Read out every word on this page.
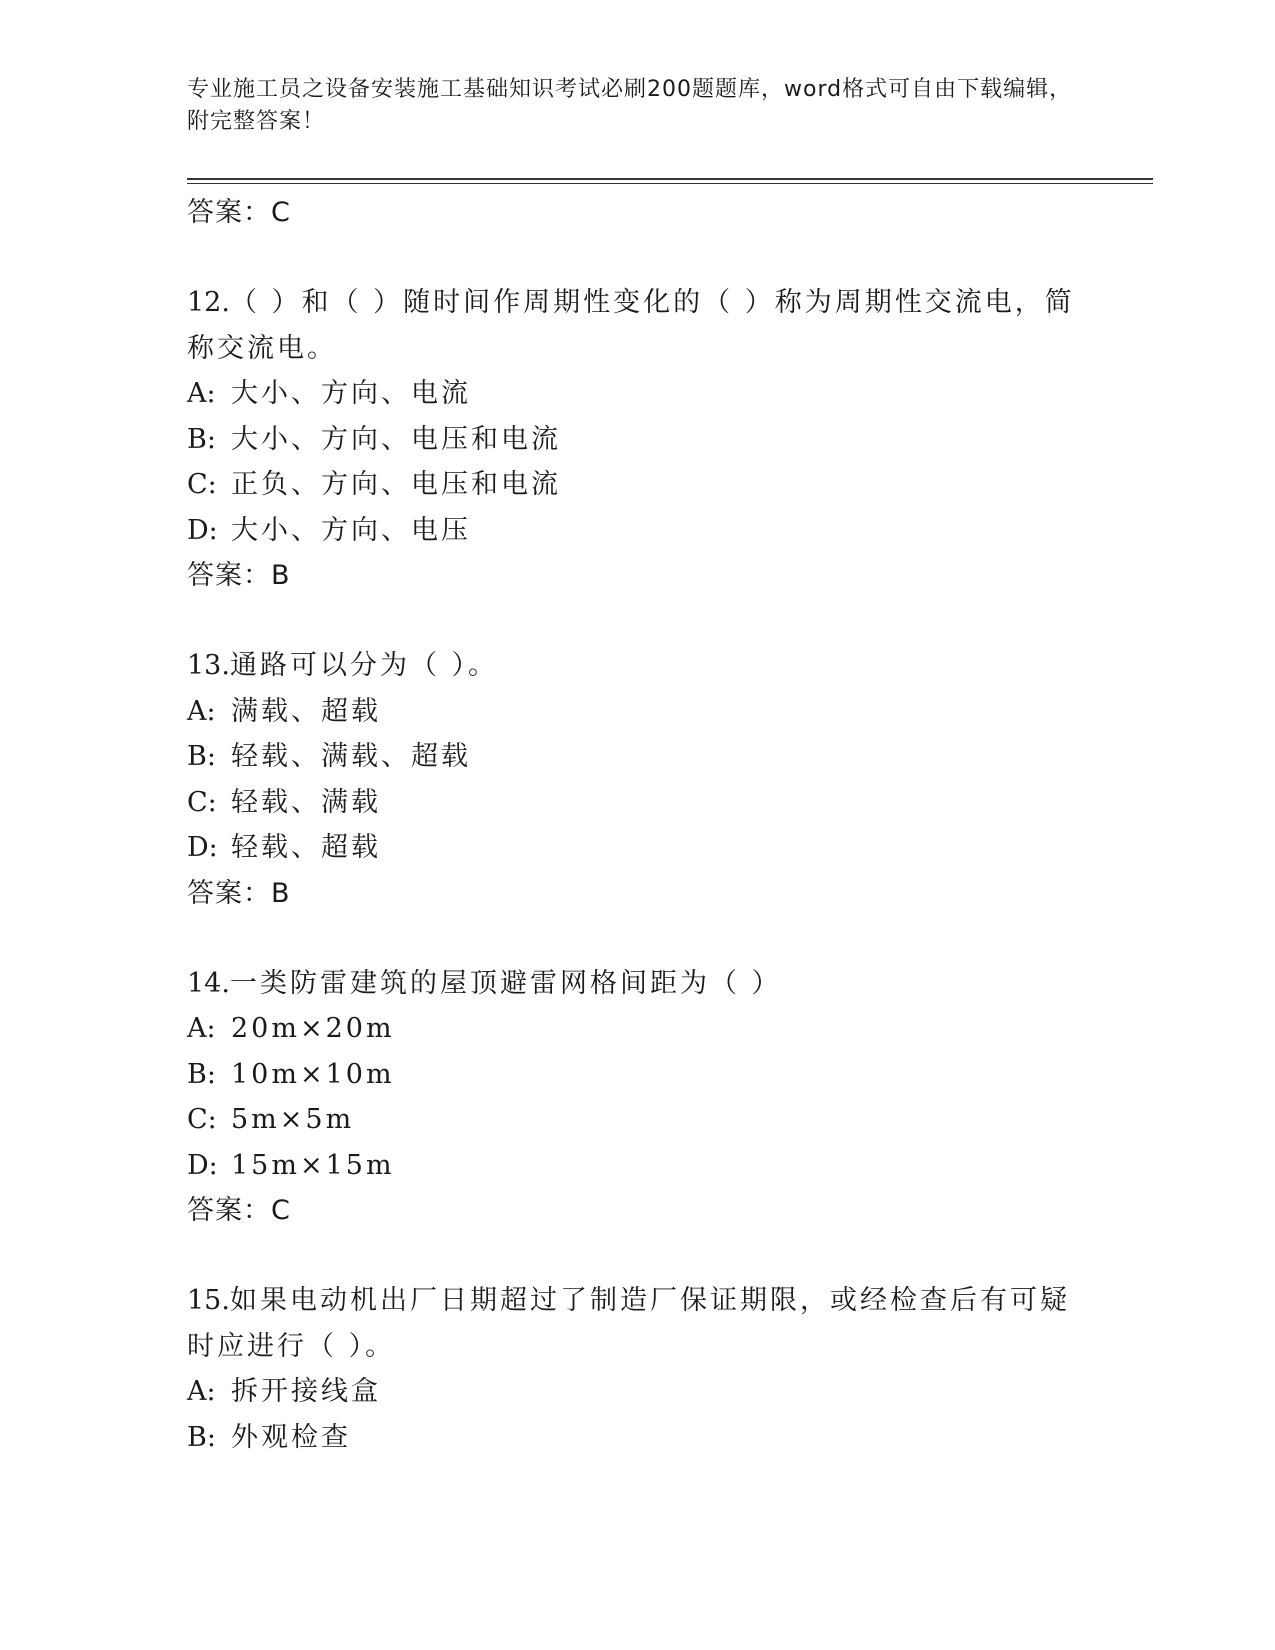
专业施工员之设备安装施工基础知识考试必刷200题题库，word格式可自由下载编辑，附完整答案！
答案：C
12.（ ）和（ ）随时间作周期性变化的（ ）称为周期性交流电，简称交流电。
A: 大小、方向、电流
B: 大小、方向、电压和电流
C: 正负、方向、电压和电流
D: 大小、方向、电压
答案：B
13.通路可以分为（ ）。
A: 满载、超载
B: 轻载、满载、超载
C: 轻载、满载
D: 轻载、超载
答案：B
14.一类防雷建筑的屋顶避雷网格间距为（ ）
A: 20m×20m
B: 10m×10m
C: 5m×5m
D: 15m×15m
答案：C
15.如果电动机出厂日期超过了制造厂保证期限，或经检查后有可疑时应进行（ ）。
A: 拆开接线盒
B: 外观检查
